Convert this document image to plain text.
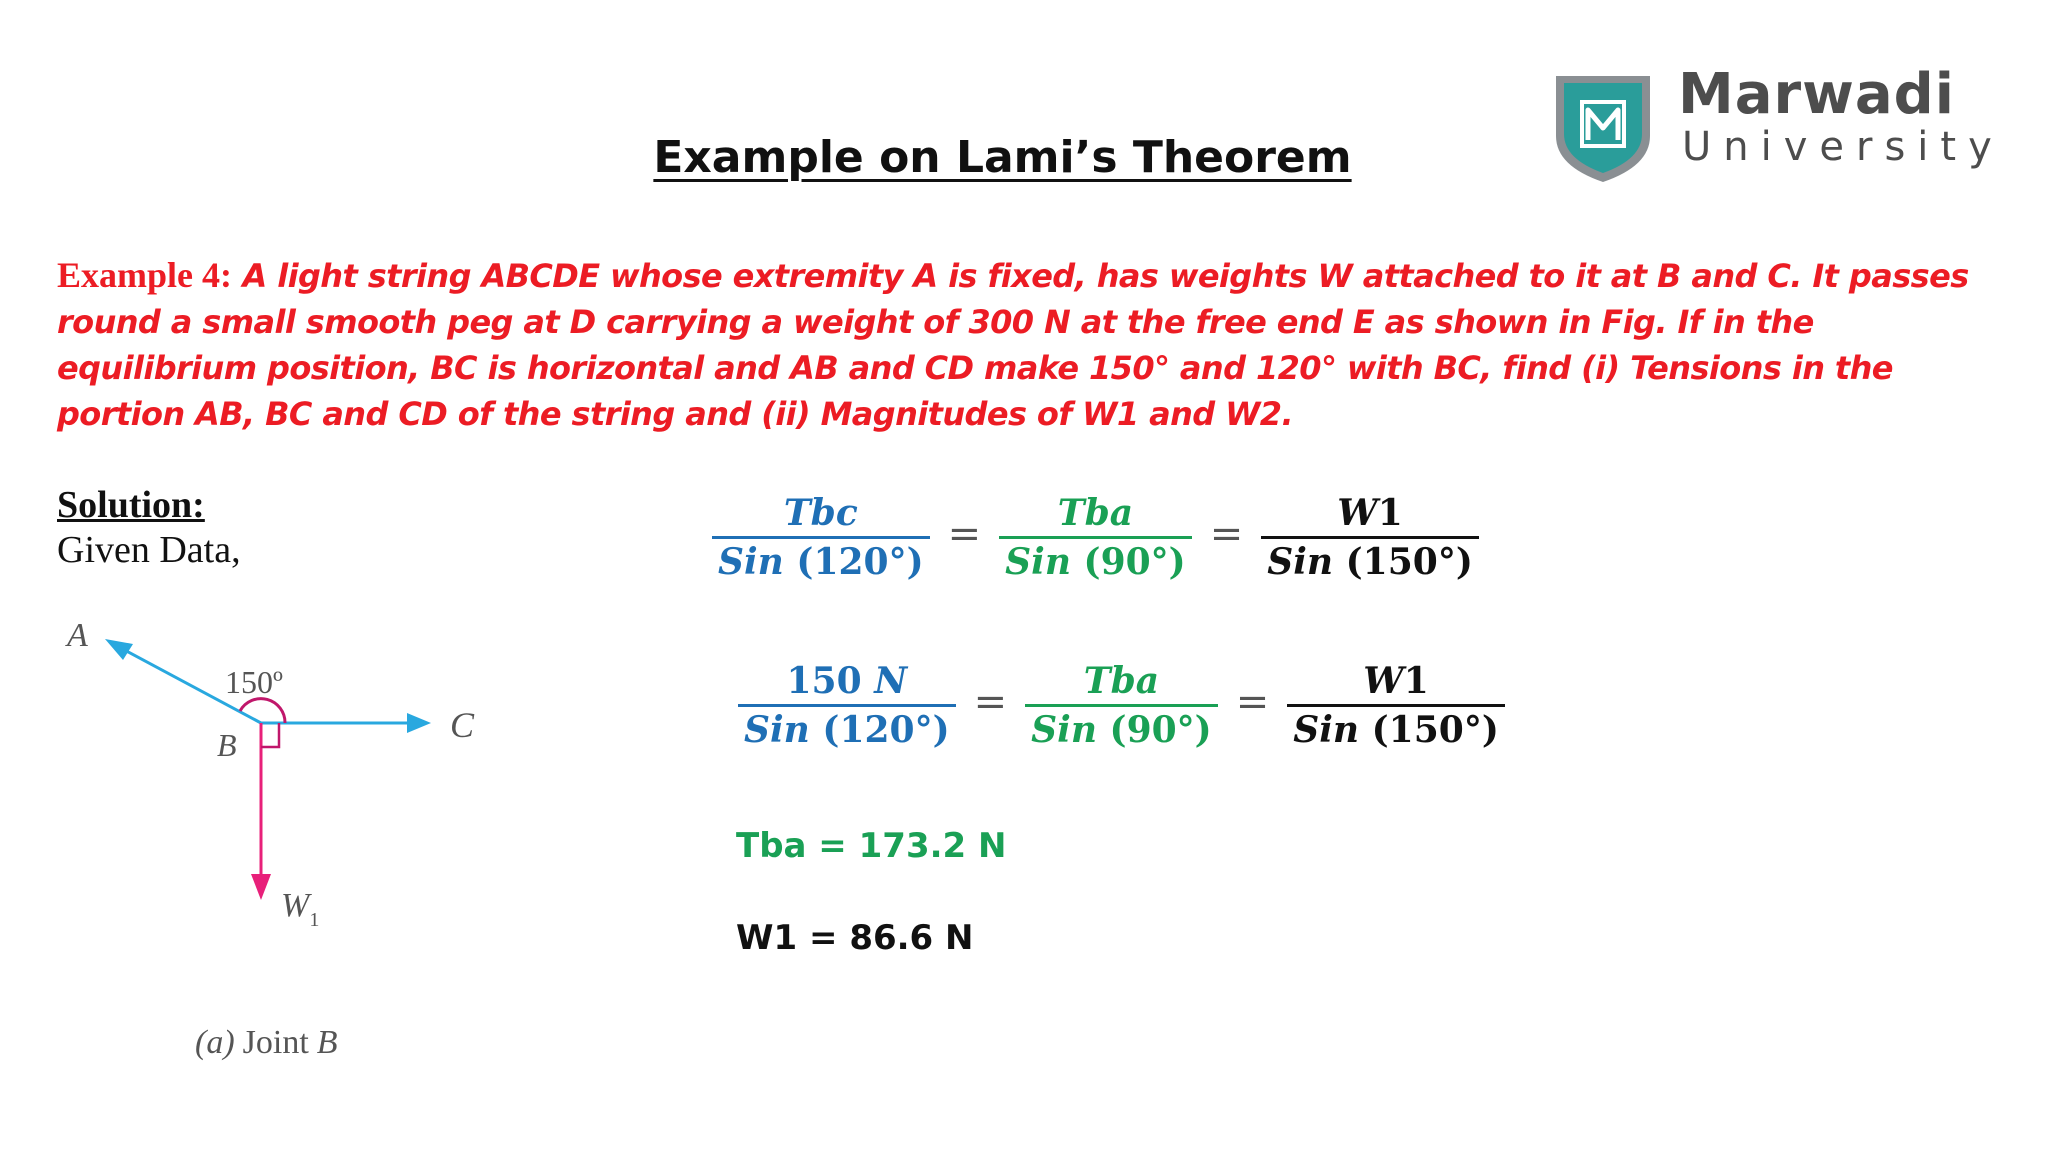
Marwadi
University
Example on Lami’s Theorem
Example 4: A light string ABCDE whose extremity A is fixed, has weights W attached to it at B and C. It passes round a small smooth peg at D carrying a weight of 300 N at the free end E as shown in Fig. If in the equilibrium position, BC is horizontal and AB and CD make 150° and 120° with BC, find (i) Tensions in the portion AB, BC and CD of the string and (ii) Magnitudes of W1 and W2.
Solution:
Given Data,	$\frac{\text{Tbc}}{\text{Sin (120°)}} = \frac{\text{Tba}}{\text{Sin (90°)}} = \frac{W1}{\text{Sin (150°)}}$
$\frac{150 N}{\text{Sin (120°)}} = \frac{\text{Tba}}{\text{Sin (90°)}} = \frac{W1}{\text{Sin (150°)}}$
Tba = 173.2 N
W1 = 86.6 N
A
150º
B	C
$W_1$
(a) Joint B
